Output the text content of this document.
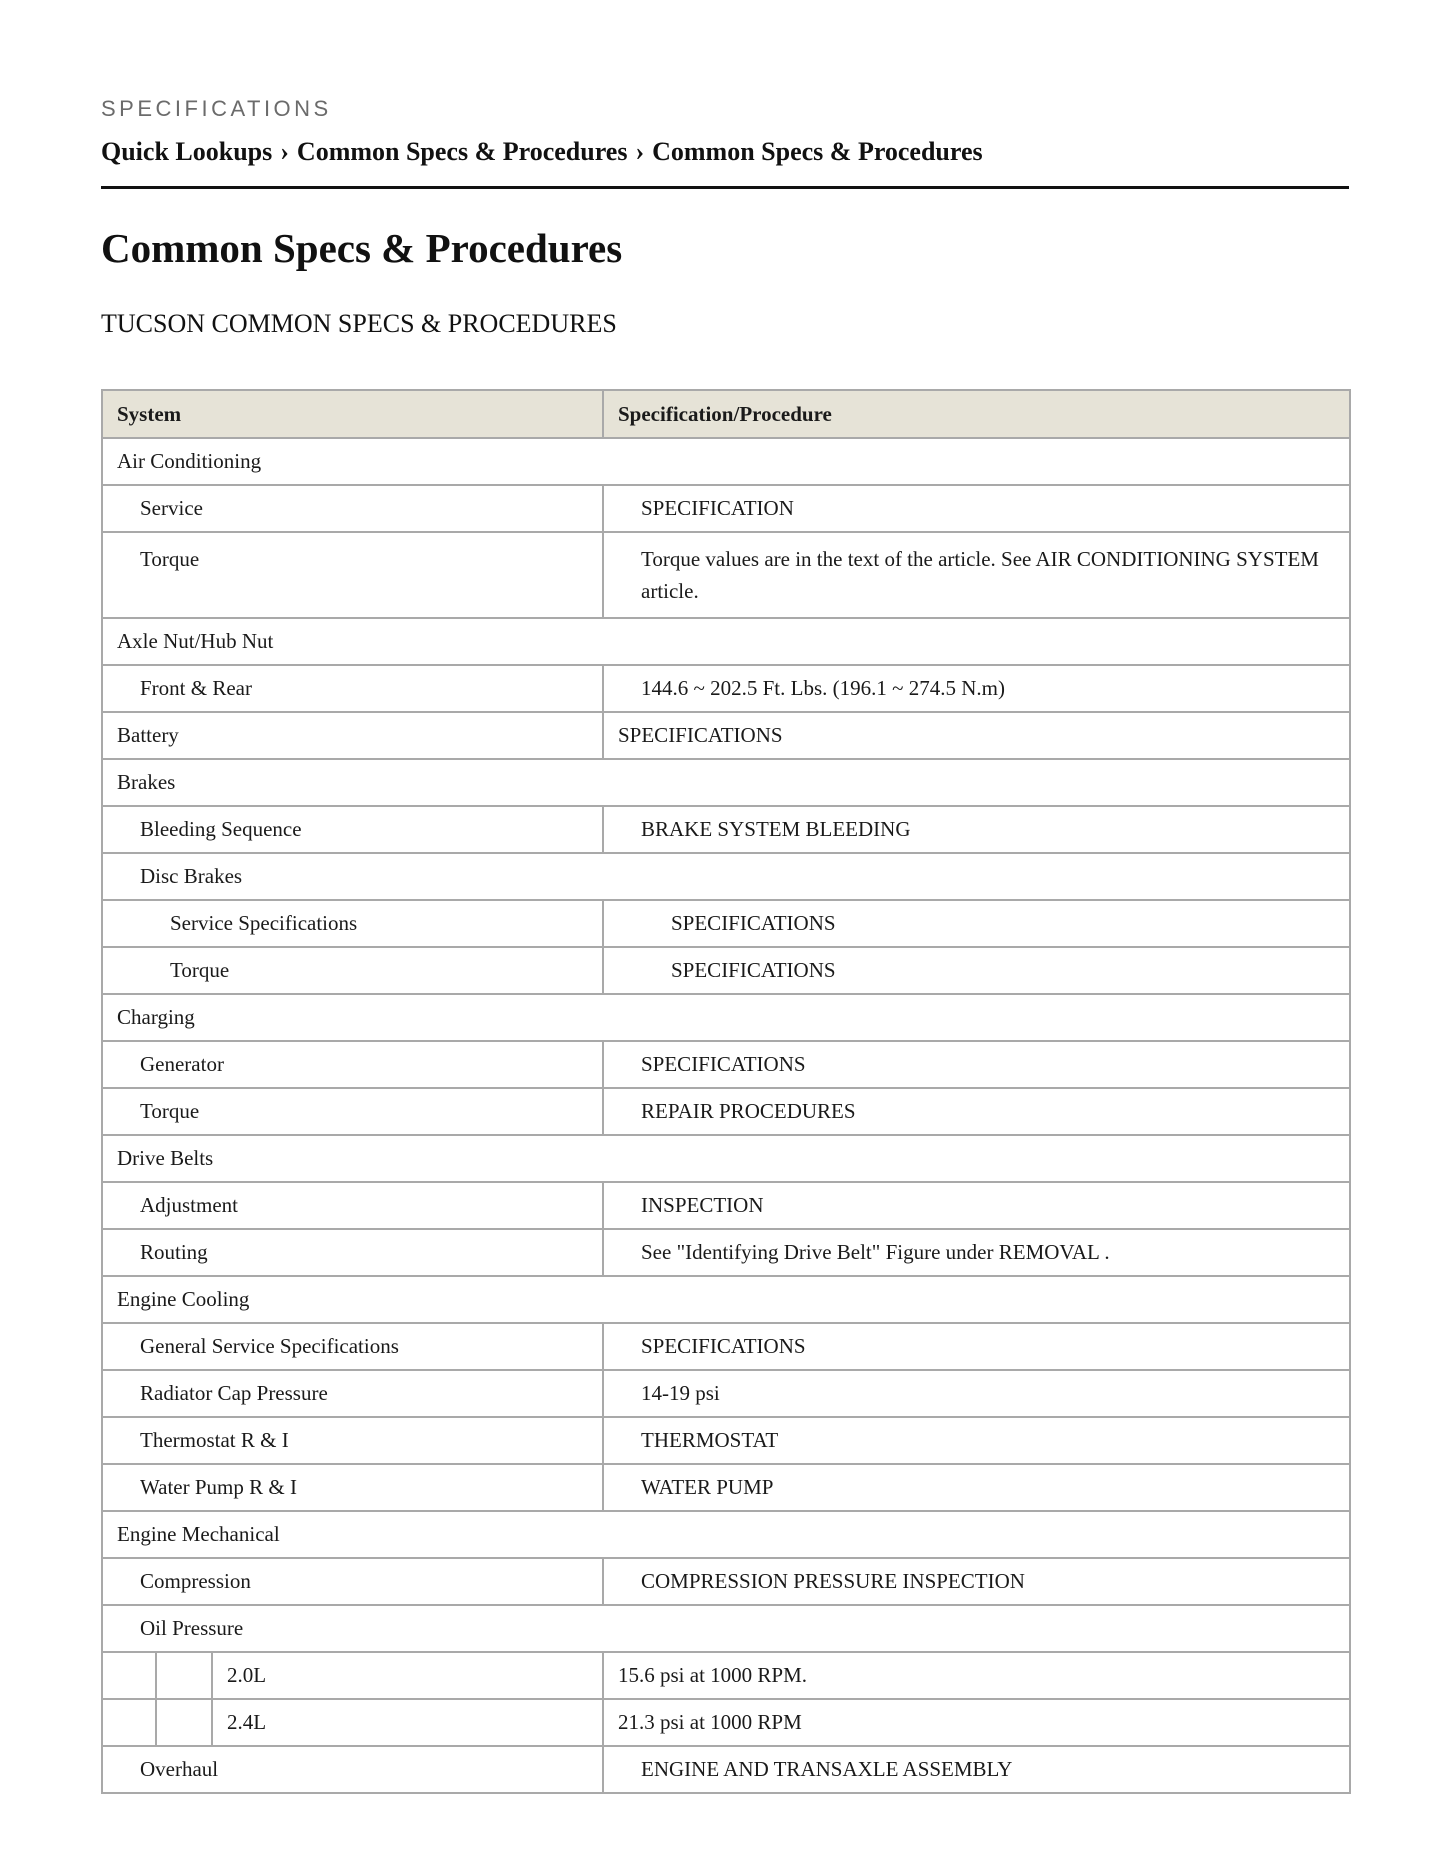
SPECIFICATIONS
Quick Lookups › Common Specs & Procedures › Common Specs & Procedures
Common Specs & Procedures
TUCSON COMMON SPECS & PROCEDURES
System			Specification/Procedure
Air Conditioning			
Service			SPECIFICATION
Torque			Torque values are in the text of the article. See AIR CONDITIONING SYSTEM article.
Axle Nut/Hub Nut			
Front & Rear			144.6 ~ 202.5 Ft. Lbs. (196.1 ~ 274.5 N.m)
Battery			SPECIFICATIONS
Brakes			
Bleeding Sequence			BRAKE SYSTEM BLEEDING
Disc Brakes			
Service Specifications			SPECIFICATIONS
Torque			SPECIFICATIONS
Charging			
Generator			SPECIFICATIONS
Torque			REPAIR PROCEDURES
Drive Belts			
Adjustment			INSPECTION
Routing			See "Identifying Drive Belt" Figure under REMOVAL .
Engine Cooling			
General Service Specifications			SPECIFICATIONS
Radiator Cap Pressure			14-19 psi
Thermostat R & I			THERMOSTAT
Water Pump R & I			WATER PUMP
Engine Mechanical			
Compression			COMPRESSION PRESSURE INSPECTION
Oil Pressure			
		2.0L	15.6 psi at 1000 RPM.
		2.4L	21.3 psi at 1000 RPM
Overhaul			ENGINE AND TRANSAXLE ASSEMBLY
